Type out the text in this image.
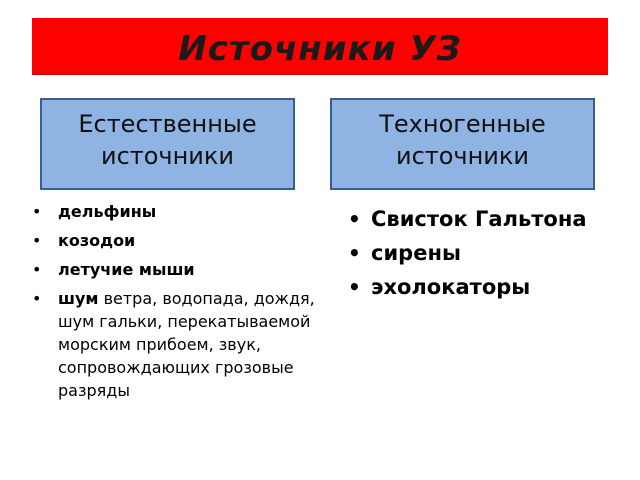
Источники УЗ
Естественные
источники
Техногенные
источники
• дельфины
• козодои
• летучие мыши
• шум ветра, водопада, дождя, шум гальки, перекатываемой морским прибоем, звук, сопровождающих грозовые разряды
• Свисток Гальтона
• сирены
• эхолокаторы
